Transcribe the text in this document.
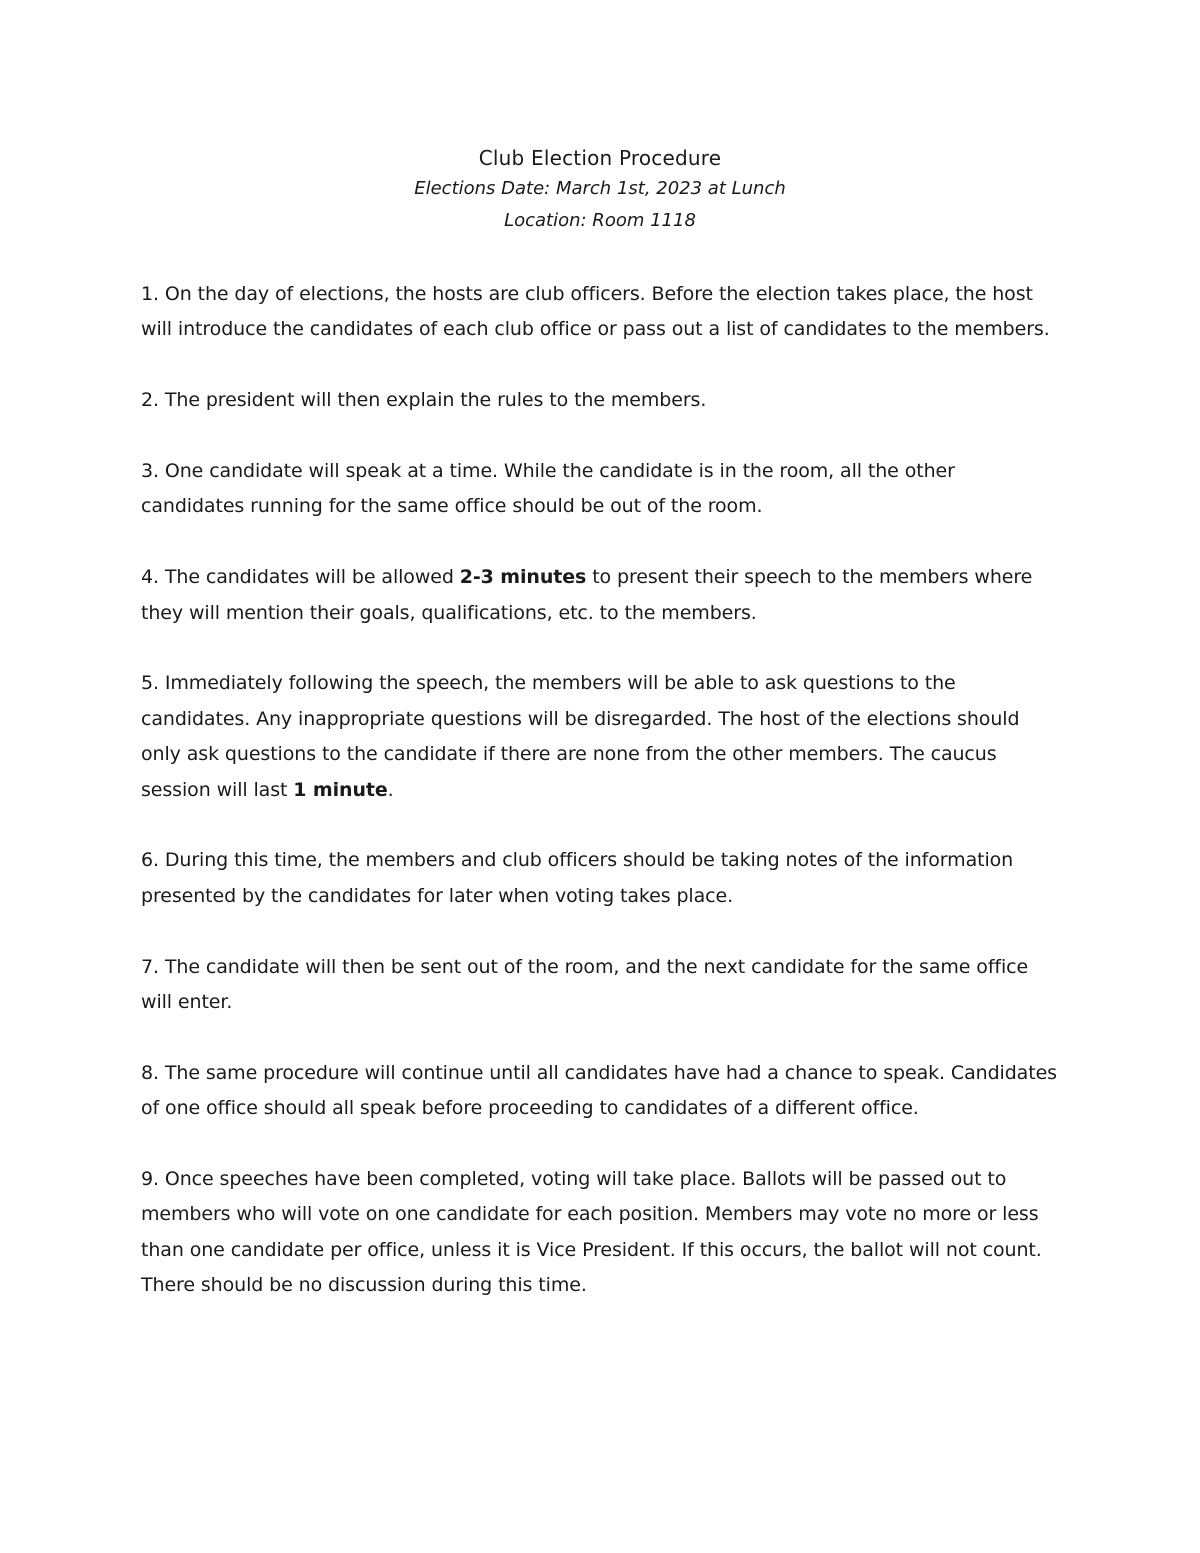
Club Election Procedure

Elections Date: March 1st, 2023 at Lunch

Location: Room 1118

1. On the day of elections, the hosts are club officers. Before the election takes place, the host will introduce the candidates of each club office or pass out a list of candidates to the members.

2. The president will then explain the rules to the members.

3. One candidate will speak at a time. While the candidate is in the room, all the other candidates running for the same office should be out of the room.

4. The candidates will be allowed 2-3 minutes to present their speech to the members where they will mention their goals, qualifications, etc. to the members.

5. Immediately following the speech, the members will be able to ask questions to the candidates. Any inappropriate questions will be disregarded. The host of the elections should only ask questions to the candidate if there are none from the other members. The caucus session will last 1 minute.

6. During this time, the members and club officers should be taking notes of the information presented by the candidates for later when voting takes place.

7. The candidate will then be sent out of the room, and the next candidate for the same office will enter.

8. The same procedure will continue until all candidates have had a chance to speak. Candidates of one office should all speak before proceeding to candidates of a different office.

9. Once speeches have been completed, voting will take place. Ballots will be passed out to members who will vote on one candidate for each position. Members may vote no more or less than one candidate per office, unless it is Vice President. If this occurs, the ballot will not count. There should be no discussion during this time.
